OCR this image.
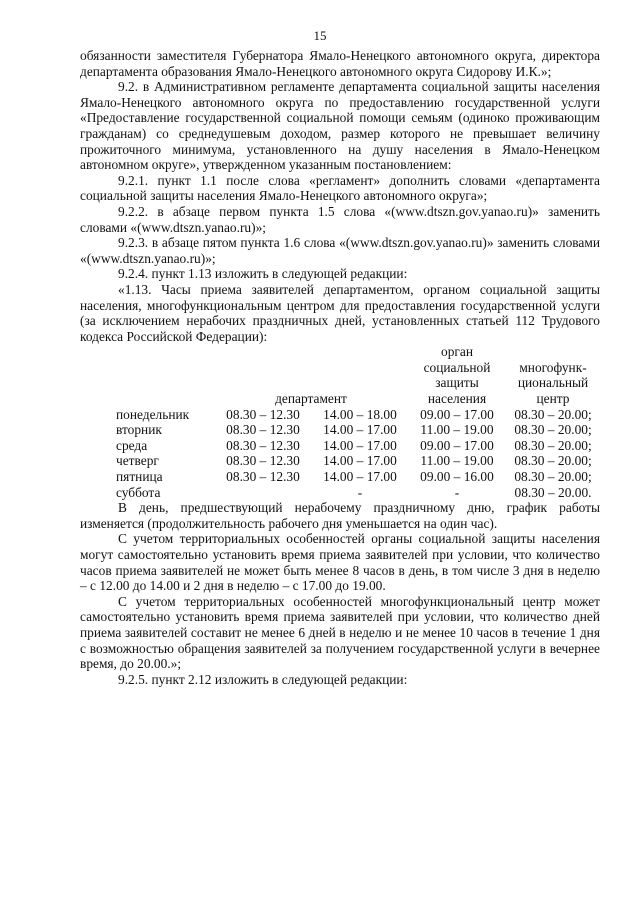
15

обязанности заместителя Губернатора Ямало-Ненецкого автономного округа, директора департамента образования Ямало-Ненецкого автономного округа Сидорову И.К.»;

9.2. в Административном регламенте департамента социальной защиты населения Ямало-Ненецкого автономного округа по предоставлению государственной услуги «Предоставление государственной социальной помощи семьям (одиноко проживающим гражданам) со среднедушевым доходом, размер которого не превышает величину прожиточного минимума, установленного на душу населения в Ямало-Ненецком автономном округе», утвержденном указанным постановлением:

9.2.1. пункт 1.1 после слова «регламент» дополнить словами «департамента социальной защиты населения Ямало-Ненецкого автономного округа»;

9.2.2. в абзаце первом пункта 1.5 слова «(www.dtszn.gov.yanao.ru)» заменить словами «(www.dtszn.yanao.ru)»;

9.2.3. в абзаце пятом пункта 1.6 слова «(www.dtszn.gov.yanao.ru)» заменить словами «(www.dtszn.yanao.ru)»;

9.2.4. пункт 1.13 изложить в следующей редакции:

«1.13. Часы приема заявителей департаментом, органом социальной защиты населения, многофункциональным центром для предоставления государственной услуги (за исключением нерабочих праздничных дней, установленных статьей 112 Трудового кодекса Российской Федерации):

	департамент		орган социальной защиты населения	многофунк-циональный центр
понедельник	08.30 – 12.30	14.00 – 18.00	09.00 – 17.00	08.30 – 20.00;
вторник	08.30 – 12.30	14.00 – 17.00	11.00 – 19.00	08.30 – 20.00;
среда	08.30 – 12.30	14.00 – 17.00	09.00 – 17.00	08.30 – 20.00;
четверг	08.30 – 12.30	14.00 – 17.00	11.00 – 19.00	08.30 – 20.00;
пятница	08.30 – 12.30	14.00 – 17.00	09.00 – 16.00	08.30 – 20.00;
суббота		-	-	08.30 – 20.00.

В день, предшествующий нерабочему праздничному дню, график работы изменяется (продолжительность рабочего дня уменьшается на один час).

С учетом территориальных особенностей органы социальной защиты населения могут самостоятельно установить время приема заявителей при условии, что количество часов приема заявителей не может быть менее 8 часов в день, в том числе 3 дня в неделю – с 12.00 до 14.00 и 2 дня в неделю – с 17.00 до 19.00.

С учетом территориальных особенностей многофункциональный центр может самостоятельно установить время приема заявителей при условии, что количество дней приема заявителей составит не менее 6 дней в неделю и не менее 10 часов в течение 1 дня с возможностью обращения заявителей за получением государственной услуги в вечернее время, до 20.00.»;

9.2.5. пункт 2.12 изложить в следующей редакции:
